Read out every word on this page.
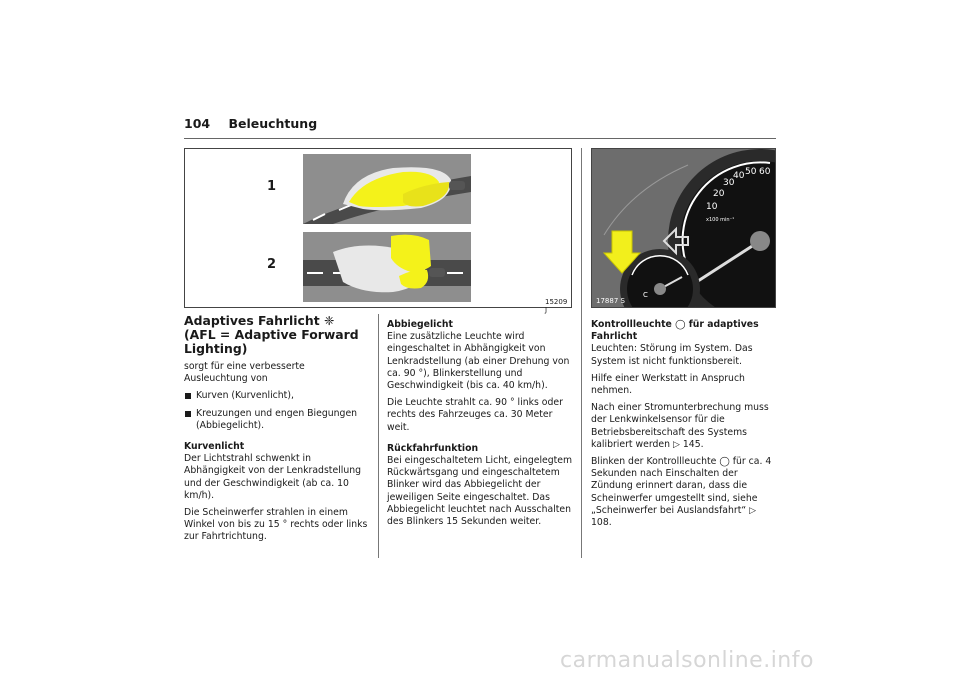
104 Beleuchtung
1
2
15209 J
x100 min⁻¹
10
20
30
40 50 60
C
17887 S

Adaptives Fahrlicht ❈ (AFL = Adaptive Forward Lighting)

sorgt für eine verbesserte Ausleuchtung von

Kurven (Kurvenlicht),

Kreuzungen und engen Biegungen (Abbiegelicht).

Kurvenlicht

Der Lichtstrahl schwenkt in Abhängigkeit von der Lenkradstellung und der Geschwindigkeit (ab ca. 10 km/h).

Die Scheinwerfer strahlen in einem Winkel von bis zu 15 ° rechts oder links zur Fahrtrichtung.

Abbiegelicht

Eine zusätzliche Leuchte wird eingeschaltet in Abhängigkeit von Lenkradstellung (ab einer Drehung von ca. 90 °), Blinkerstellung und Geschwindigkeit (bis ca. 40 km/h).

Die Leuchte strahlt ca. 90 ° links oder rechts des Fahrzeuges ca. 30 Meter weit.

Rückfahrfunktion

Bei eingeschaltetem Licht, eingelegtem Rückwärtsgang und eingeschaltetem Blinker wird das Abbiegelicht der jeweiligen Seite eingeschaltet. Das Abbiegelicht leuchtet nach Ausschalten des Blinkers 15 Sekunden weiter.

Kontrollleuchte ◯ für adaptives Fahrlicht

Leuchten: Störung im System. Das System ist nicht funktionsbereit.

Hilfe einer Werkstatt in Anspruch nehmen.

Nach einer Stromunterbrechung muss der Lenkwinkelsensor für die Betriebsbereitschaft des Systems kalibriert werden ▷ 145.

Blinken der Kontrollleuchte ◯ für ca. 4 Sekunden nach Einschalten der Zündung erinnert daran, dass die Scheinwerfer umgestellt sind, siehe „Scheinwerfer bei Auslandsfahrt“ ▷ 108.

carmanualsonline.info
